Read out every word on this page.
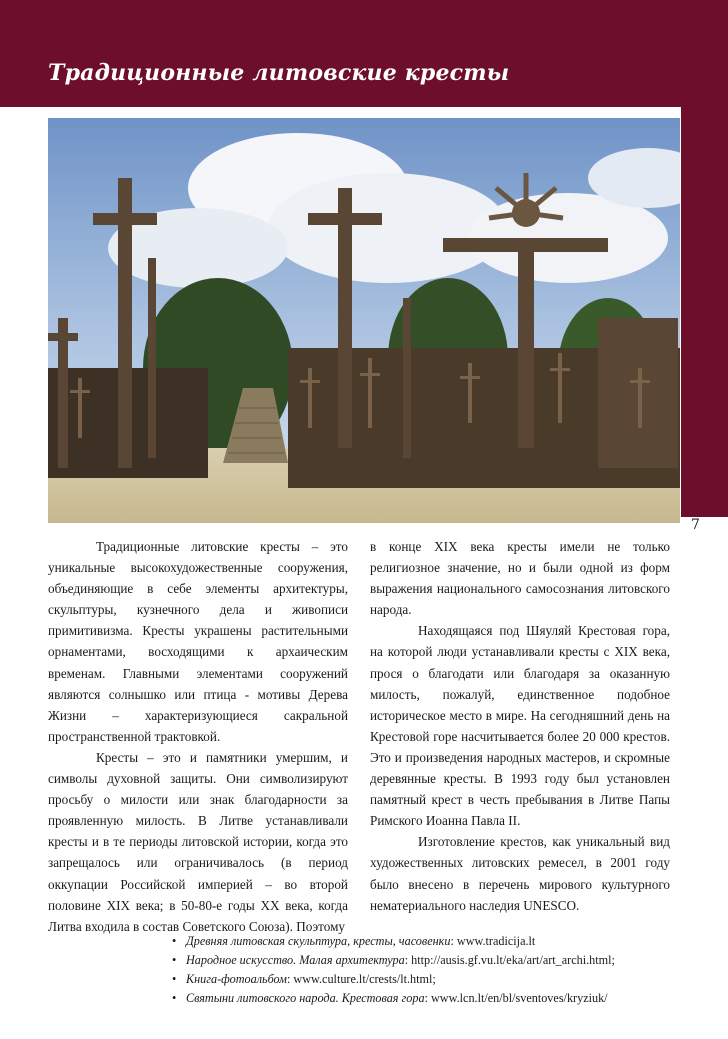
Традиционные литовские кресты
7

Традиционные литовские кресты – это уникальные высокохудожественные сооружения, объединяющие в себе элементы архитектуры, скульптуры, кузнечного дела и живописи примитивизма. Кресты украшены растительными орнаментами, восходящими к архаическим временам. Главными элементами сооружений являются солнышко или птица - мотивы Дерева Жизни – характеризующиеся сакральной пространственной трактовкой.

Кресты – это и памятники умершим, и символы духовной защиты. Они символизируют просьбу о милости или знак благодарности за проявленную милость. В Литве устанавливали кресты и в те периоды литовской истории, когда это запрещалось или ограничивалось (в период оккупации Российской империей – во второй половине XIX века; в 50-80-е годы XX века, когда Литва входила в состав Советского Союза). Поэтому

в конце XIX века кресты имели не только религиозное значение, но и были одной из форм выражения национального самосознания литовского народа.

Находящаяся под Шяуляй Крестовая гора, на которой люди устанавливали кресты с XIX века, прося о благодати или благодаря за оказанную милость, пожалуй, единственное подобное историческое место в мире. На сегодняшний день на Крестовой горе насчитывается более 20 000 крестов. Это и произведения народных мастеров, и скромные деревянные кресты. В 1993 году был установлен памятный крест в честь пребывания в Литве Папы Римского Иоанна Павла II.

Изготовление крестов, как уникальный вид художественных литовских ремесел, в 2001 году было внесено в перечень мирового культурного нематериального наследия UNESCO.

• Древняя литовская скульптура, кресты, часовенки: www.tradicija.lt
• Народное искусство. Малая архитектура: http://ausis.gf.vu.lt/eka/art/art_archi.html;
• Книга-фотоальбом: www.culture.lt/crests/lt.html;
• Святыни литовского народа. Крестовая гора: www.lcn.lt/en/bl/sventoves/kryziuk/
